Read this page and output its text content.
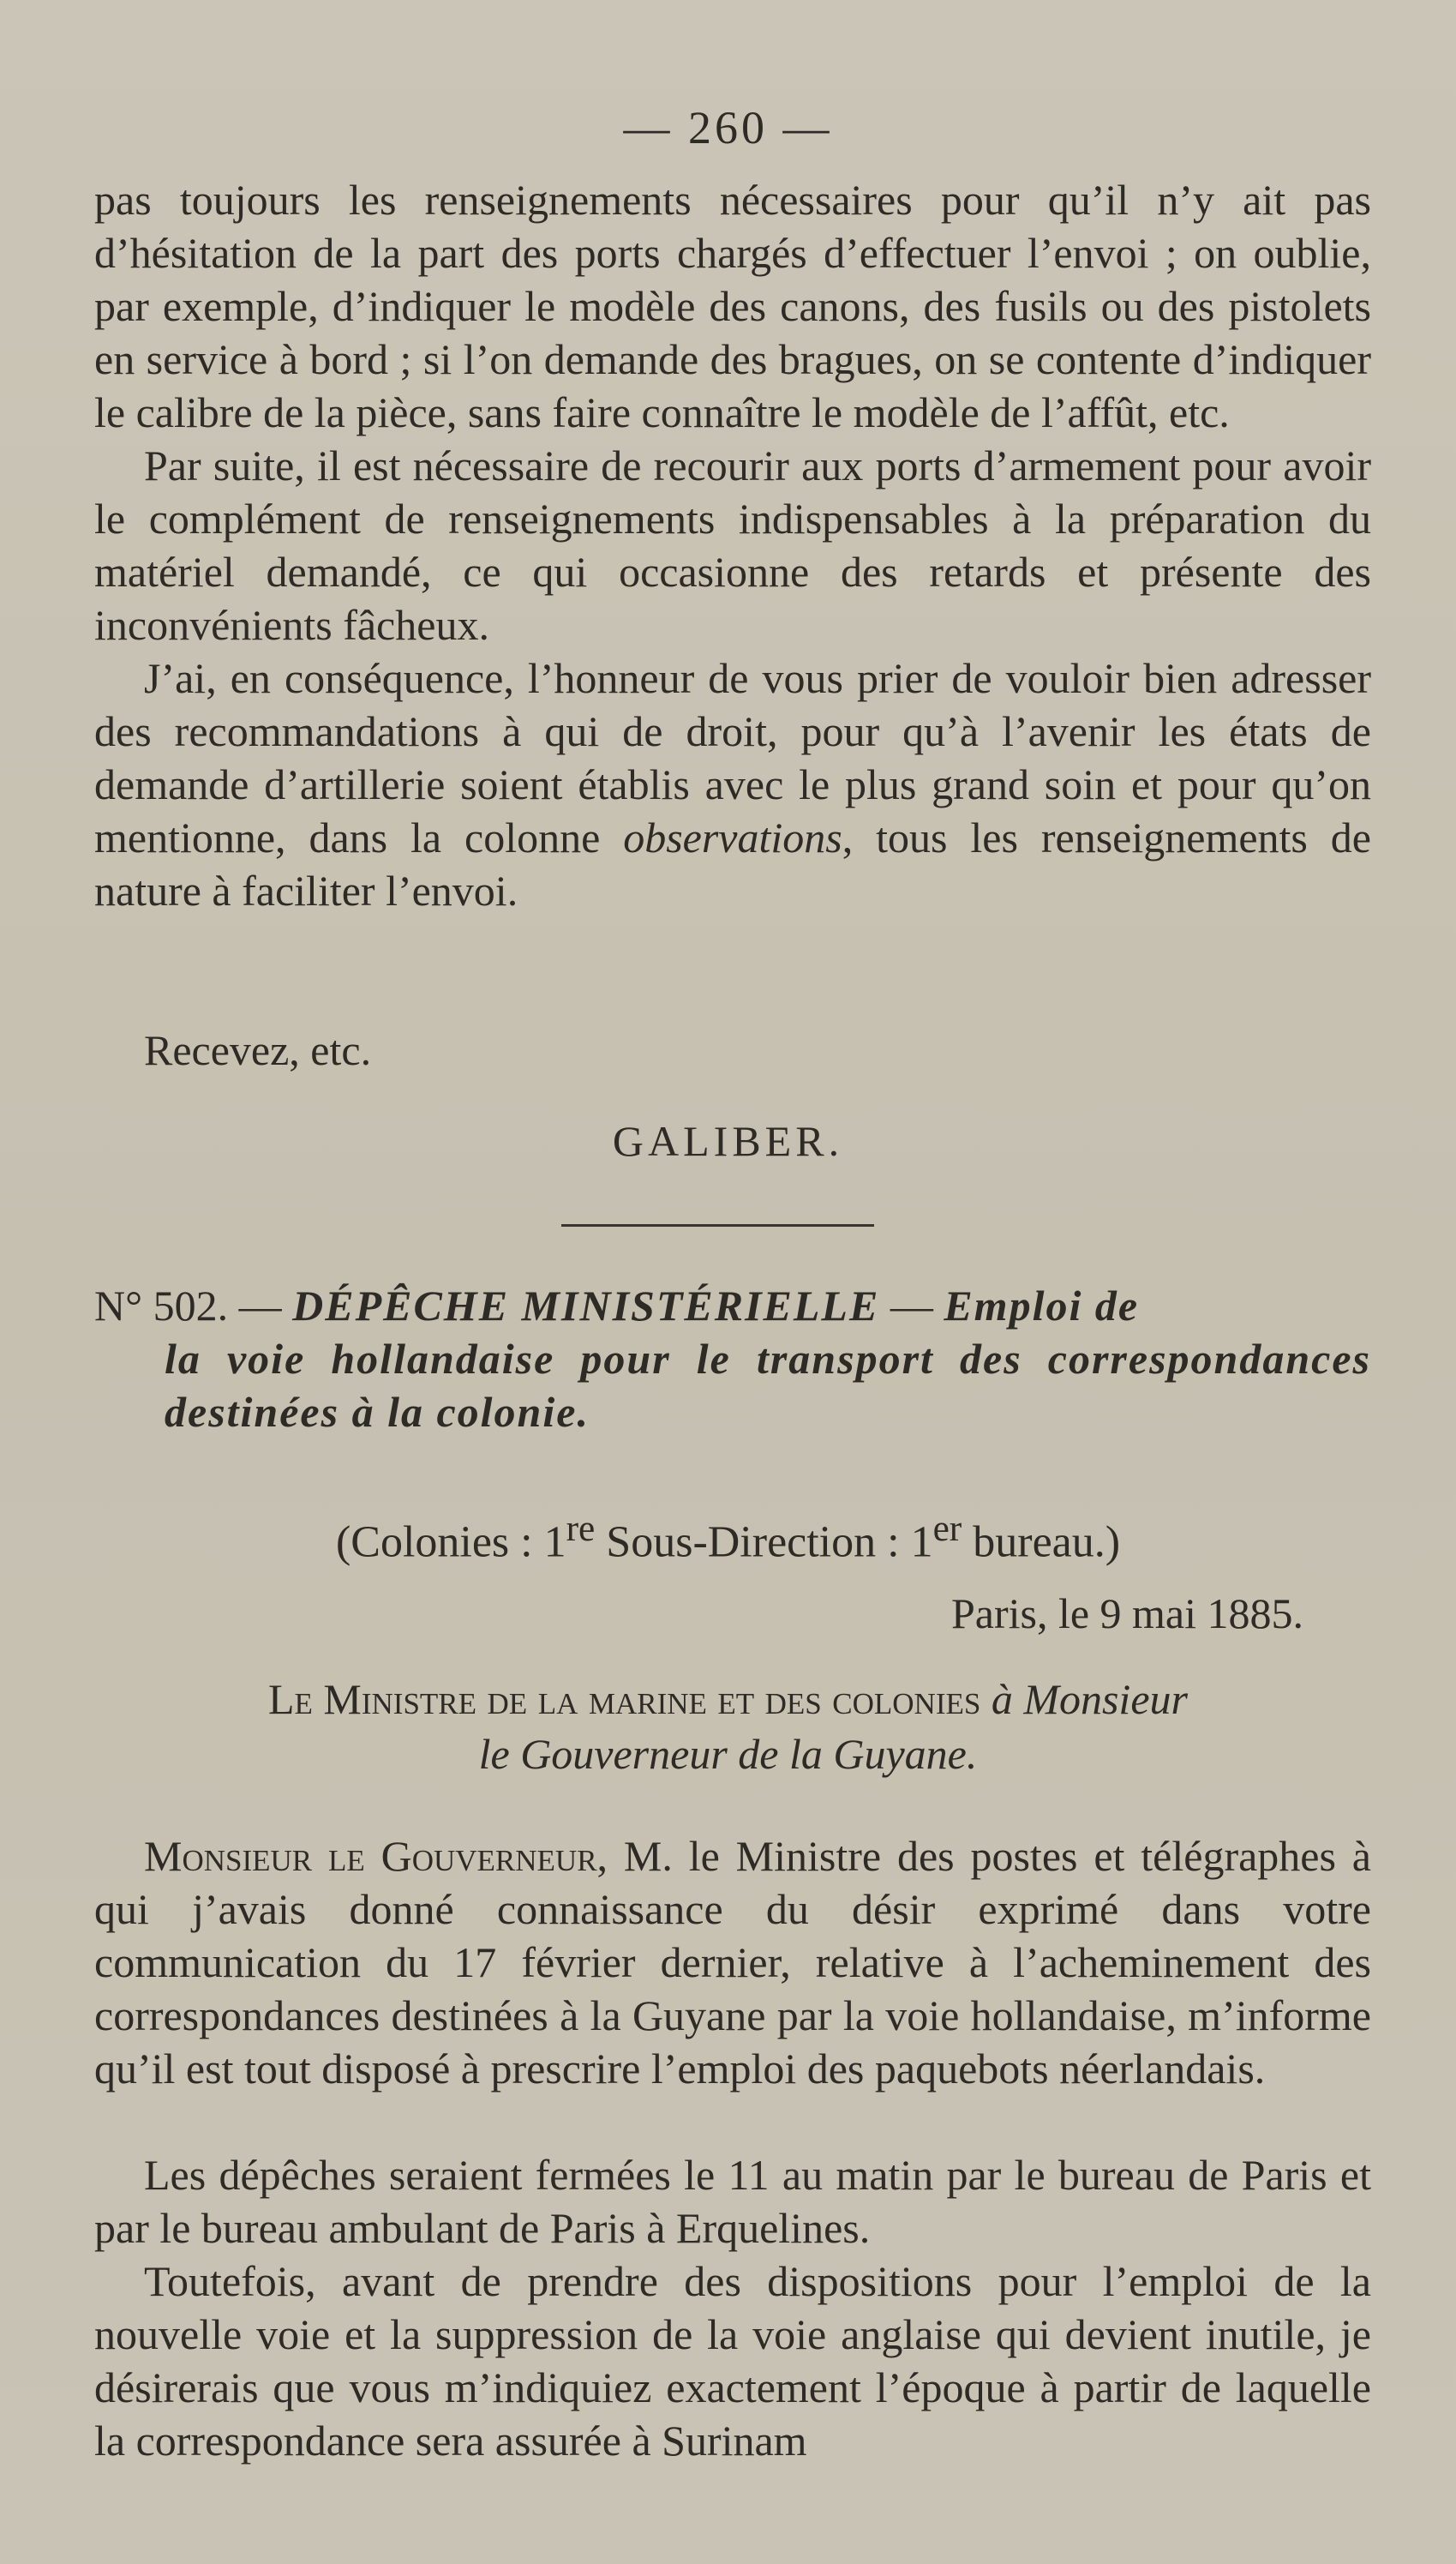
— 260 —

pas toujours les renseignements nécessaires pour qu’il n’y ait pas d’hésitation de la part des ports chargés d’effectuer l’envoi ; on oublie, par exemple, d’indiquer le modèle des canons, des fusils ou des pistolets en service à bord ; si l’on demande des bragues, on se contente d’indiquer le calibre de la pièce, sans faire connaître le modèle de l’affût, etc.

Par suite, il est nécessaire de recourir aux ports d’armement pour avoir le complément de renseignements indispensables à la préparation du matériel demandé, ce qui occasionne des retards et présente des inconvénients fâcheux.

J’ai, en conséquence, l’honneur de vous prier de vouloir bien adresser des recommandations à qui de droit, pour qu’à l’avenir les états de demande d’artillerie soient établis avec le plus grand soin et pour qu’on mentionne, dans la colonne observations, tous les renseignements de nature à faciliter l’envoi.

Recevez, etc.

GALIBER.
N° 502. — DÉPÊCHE MINISTÉRIELLE — Emploi de
la voie hollandaise pour le transport des correspondances destinées à la colonie.
(Colonies : 1re Sous-Direction : 1er bureau.)
Paris, le 9 mai 1885.
Le Ministre de la marine et des colonies à Monsieur
le Gouverneur de la Guyane.

Monsieur le Gouverneur, M. le Ministre des postes et télégraphes à qui j’avais donné connaissance du désir exprimé dans votre communication du 17 février dernier, relative à l’acheminement des correspondances destinées à la Guyane par la voie hollandaise, m’informe qu’il est tout disposé à prescrire l’emploi des paquebots néerlandais.

Les dépêches seraient fermées le 11 au matin par le bureau de Paris et par le bureau ambulant de Paris à Erquelines.

Toutefois, avant de prendre des dispositions pour l’emploi de la nouvelle voie et la suppression de la voie anglaise qui devient inutile, je désirerais que vous m’indiquiez exactement l’époque à partir de laquelle la correspondance sera assurée à Surinam
